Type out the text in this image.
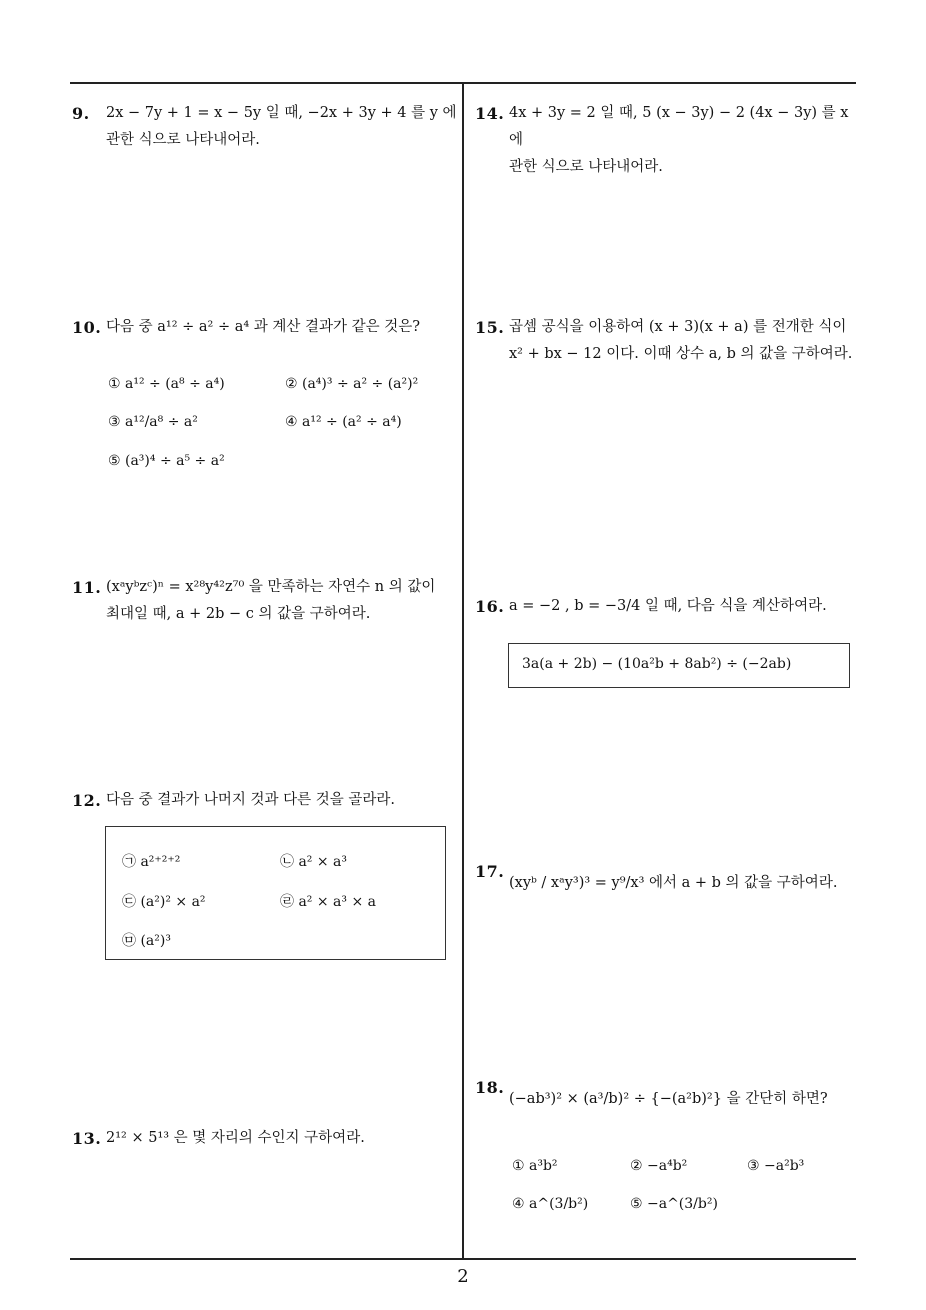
9. 2x − 7y + 1 = x − 5y 일 때, −2x + 3y + 4 를 y 에
관한 식으로 나타내어라.
10. 다음 중 a¹² ÷ a² ÷ a⁴ 과 계산 결과가 같은 것은?
① a¹² ÷ (a⁸ ÷ a⁴)	② (a⁴)³ ÷ a² ÷ (a²)²
③ a¹²/a⁸ ÷ a²	④ a¹² ÷ (a² ÷ a⁴)
⑤ (a³)⁴ ÷ a⁵ ÷ a²
11. (xᵃyᵇzᶜ)ⁿ = x²⁸y⁴²z⁷⁰ 을 만족하는 자연수 n 의 값이
최대일 때, a + 2b − c 의 값을 구하여라.
12. 다음 중 결과가 나머지 것과 다른 것을 골라라.
㉠ a²⁺²⁺²	㉡ a² × a³
㉢ (a²)² × a²	㉣ a² × a³ × a
㉤ (a²)³
13. 2¹² × 5¹³ 은 몇 자리의 수인지 구하여라.
14. 4x + 3y = 2 일 때, 5 (x − 3y) − 2 (4x − 3y) 를 x 에
관한 식으로 나타내어라.
15. 곱셈 공식을 이용하여 (x + 3)(x + a) 를 전개한 식이
x² + bx − 12 이다. 이때 상수 a, b 의 값을 구하여라.
16. a = −2 , b = −3/4 일 때, 다음 식을 계산하여라.
3a(a + 2b) − (10a²b + 8ab²) ÷ (−2ab)
17.
(xyᵇ / xᵃy³)³ = y⁹/x³ 에서 a + b 의 값을 구하여라.
18.
(−ab³)² × (a³/b)² ÷ {−(a²b)²} 을 간단히 하면?
① a³b²	② −a⁴b²	③ −a²b³
④ a^(3/b²)	⑤ −a^(3/b²)
2
